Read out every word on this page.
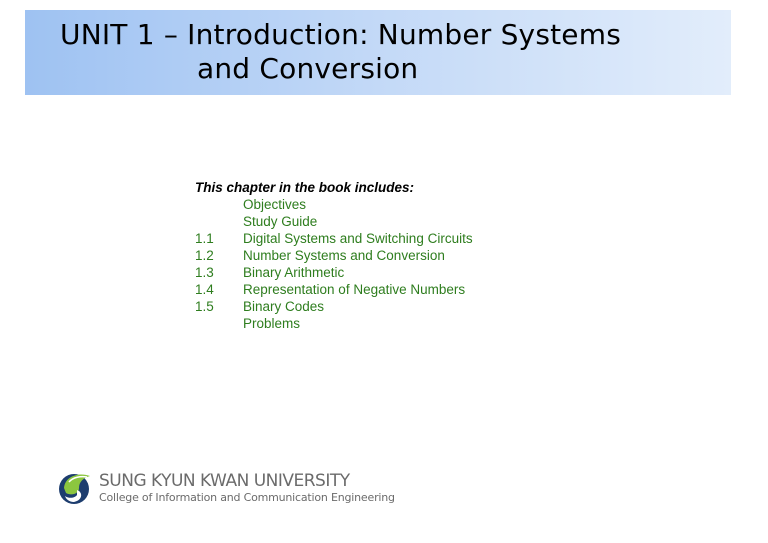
UNIT 1 – Introduction: Number Systems
and Conversion
This chapter in the book includes:
Objectives
Study Guide
1.1	Digital Systems and Switching Circuits
1.2	Number Systems and Conversion
1.3	Binary Arithmetic
1.4	Representation of Negative Numbers
1.5	Binary Codes
Problems
SUNG KYUN KWAN UNIVERSITY
College of Information and Communication Engineering
